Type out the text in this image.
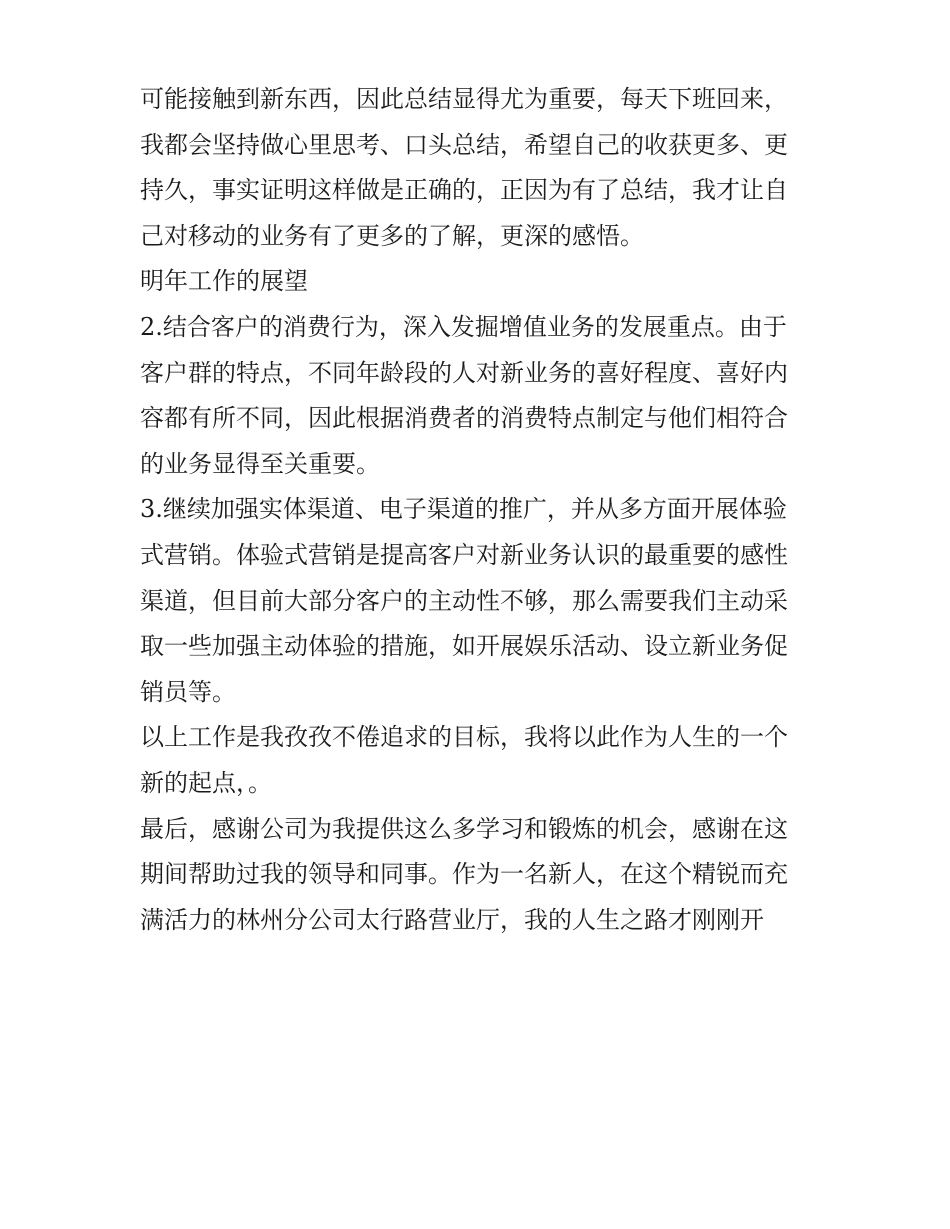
可能接触到新东西，因此总结显得尤为重要，每天下班回来，
我都会坚持做心里思考、口头总结，希望自己的收获更多、更
持久，事实证明这样做是正确的，正因为有了总结，我才让自
己对移动的业务有了更多的了解，更深的感悟。
明年工作的展望
2.结合客户的消费行为，深入发掘增值业务的发展重点。由于
客户群的特点，不同年龄段的人对新业务的喜好程度、喜好内
容都有所不同，因此根据消费者的消费特点制定与他们相符合
的业务显得至关重要。
3.继续加强实体渠道、电子渠道的推广，并从多方面开展体验
式营销。体验式营销是提高客户对新业务认识的最重要的感性
渠道，但目前大部分客户的主动性不够，那么需要我们主动采
取一些加强主动体验的措施，如开展娱乐活动、设立新业务促
销员等。
以上工作是我孜孜不倦追求的目标，我将以此作为人生的一个
新的起点，。
最后，感谢公司为我提供这么多学习和锻炼的机会，感谢在这
期间帮助过我的领导和同事。作为一名新人，在这个精锐而充
满活力的林州分公司太行路营业厅，我的人生之路才刚刚开
